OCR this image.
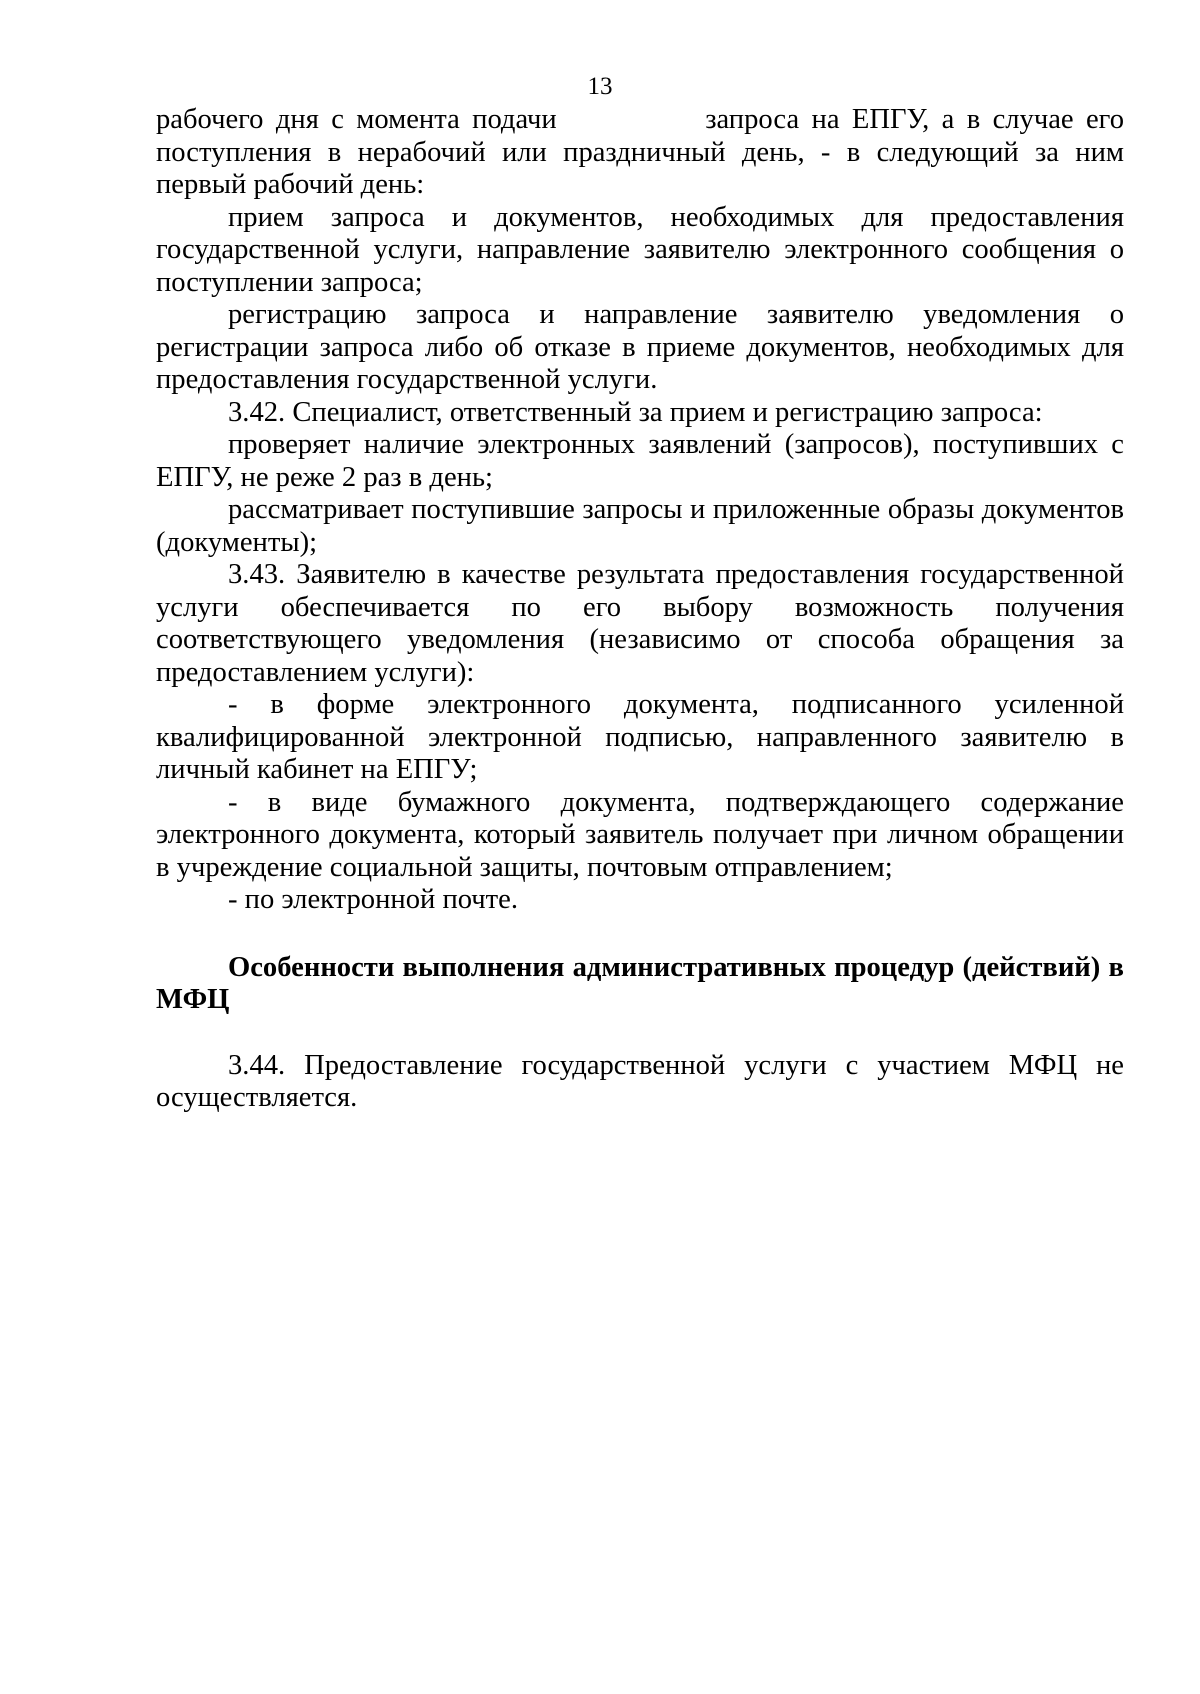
13

рабочего дня с момента подачи	запроса на ЕПГУ, а в случае его поступления в нерабочий или праздничный день, - в следующий за ним первый рабочий день:

прием запроса и документов, необходимых для предоставления государственной услуги, направление заявителю электронного сообщения о поступлении запроса;

регистрацию запроса и направление заявителю уведомления о регистрации запроса либо об отказе в приеме документов, необходимых для предоставления государственной услуги.

3.42. Специалист, ответственный за прием и регистрацию запроса:

проверяет наличие электронных заявлений (запросов), поступивших с ЕПГУ, не реже 2 раз в день;

рассматривает поступившие запросы и приложенные образы документов (документы);

3.43. Заявителю в качестве результата предоставления государственной услуги обеспечивается по его выбору возможность получения соответствующего уведомления (независимо от способа обращения за предоставлением услуги):

- в форме электронного документа, подписанного усиленной квалифицированной электронной подписью, направленного заявителю в личный кабинет на ЕПГУ;

- в виде бумажного документа, подтверждающего содержание электронного документа, который заявитель получает при личном обращении в учреждение социальной защиты, почтовым отправлением;

- по электронной почте.

Особенности выполнения административных процедур (действий) в МФЦ

3.44. Предоставление государственной услуги с участием МФЦ не осуществляется.
